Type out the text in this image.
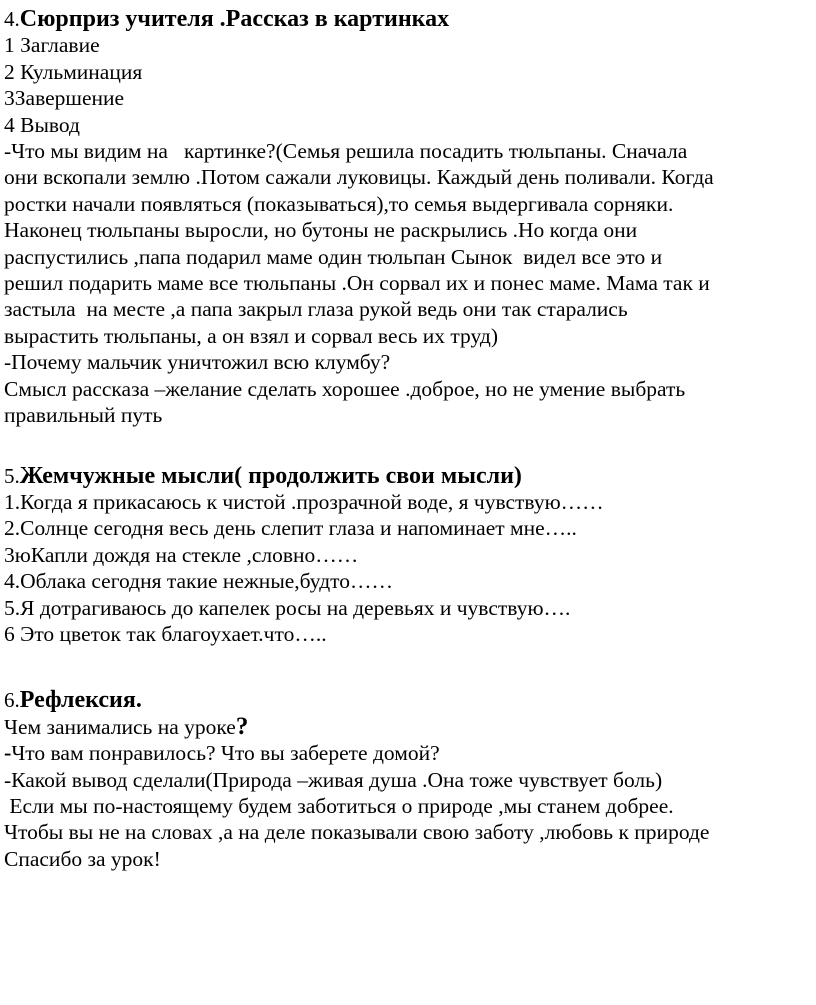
4.Сюрприз учителя .Рассказ в картинках
1 Заглавие
2 Кульминация
3Завершение
4 Вывод
-Что мы видим на   картинке?(Семья решила посадить тюльпаны. Сначала
они вскопали землю .Потом сажали луковицы. Каждый день поливали. Когда
ростки начали появляться (показываться),то семья выдергивала сорняки.
Наконец тюльпаны выросли, но бутоны не раскрылись .Но когда они
распустились ,папа подарил маме один тюльпан Сынок  видел все это и
решил подарить маме все тюльпаны .Он сорвал их и понес маме. Мама так и
застыла  на месте ,а папа закрыл глаза рукой ведь они так старались
вырастить тюльпаны, а он взял и сорвал весь их труд)
-Почему мальчик уничтожил всю клумбу?
Смысл рассказа –желание сделать хорошее .доброе, но не умение выбрать
правильный путь
5.Жемчужные мысли( продолжить свои мысли)
1.Когда я прикасаюсь к чистой .прозрачной воде, я чувствую……
2.Солнце сегодня весь день слепит глаза и напоминает мне…..
3юКапли дождя на стекле ,словно……
4.Облака сегодня такие нежные,будто……
5.Я дотрагиваюсь до капелек росы на деревьях и чувствую….
6 Это цветок так благоухает.что…..
6.Рефлексия.
Чем занимались на уроке?
-Что вам понравилось? Что вы заберете домой?
-Какой вывод сделали(Природа –живая душа .Она тоже чувствует боль)
Если мы по-настоящему будем заботиться о природе ,мы станем добрее.
Чтобы вы не на словах ,а на деле показывали свою заботу ,любовь к природе
Спасибо за урок!
